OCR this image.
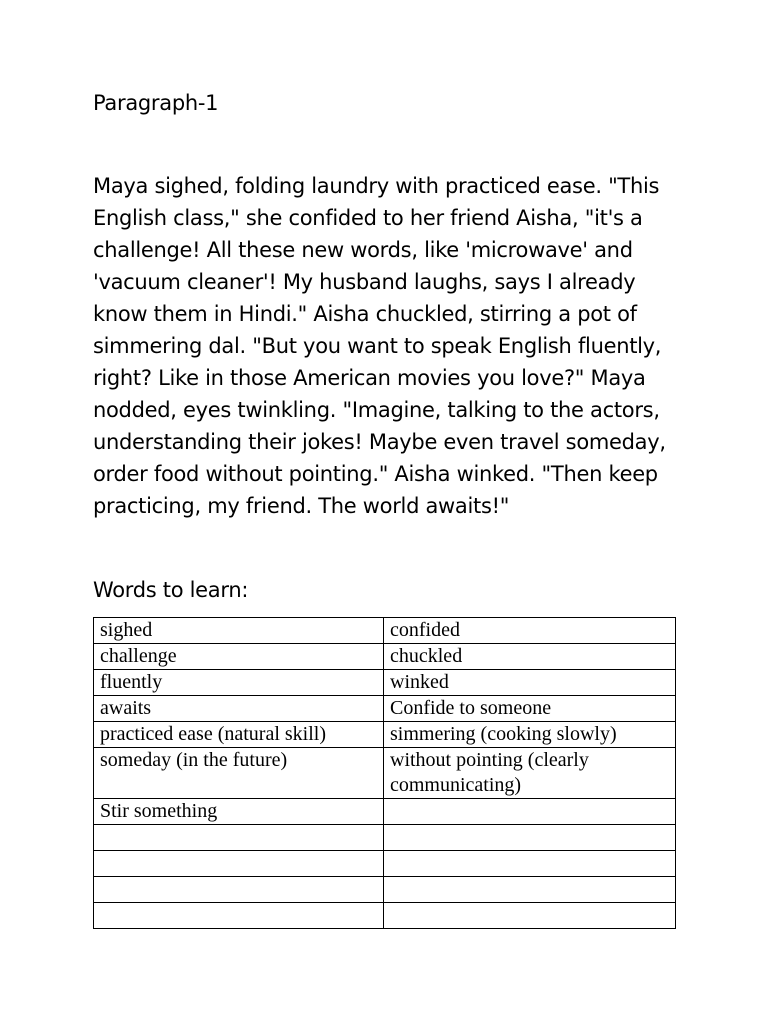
Paragraph-1

Maya sighed, folding laundry with practiced ease. "This English class," she confided to her friend Aisha, "it's a challenge! All these new words, like 'microwave' and 'vacuum cleaner'! My husband laughs, says I already know them in Hindi." Aisha chuckled, stirring a pot of simmering dal. "But you want to speak English fluently, right? Like in those American movies you love?" Maya nodded, eyes twinkling. "Imagine, talking to the actors, understanding their jokes! Maybe even travel someday, order food without pointing." Aisha winked. "Then keep practicing, my friend. The world awaits!"

Words to learn:

sighed	confided
challenge	chuckled
fluently	winked
awaits	Confide to someone
practiced ease (natural skill)	simmering (cooking slowly)
someday (in the future)	without pointing (clearly communicating)
Stir something	
